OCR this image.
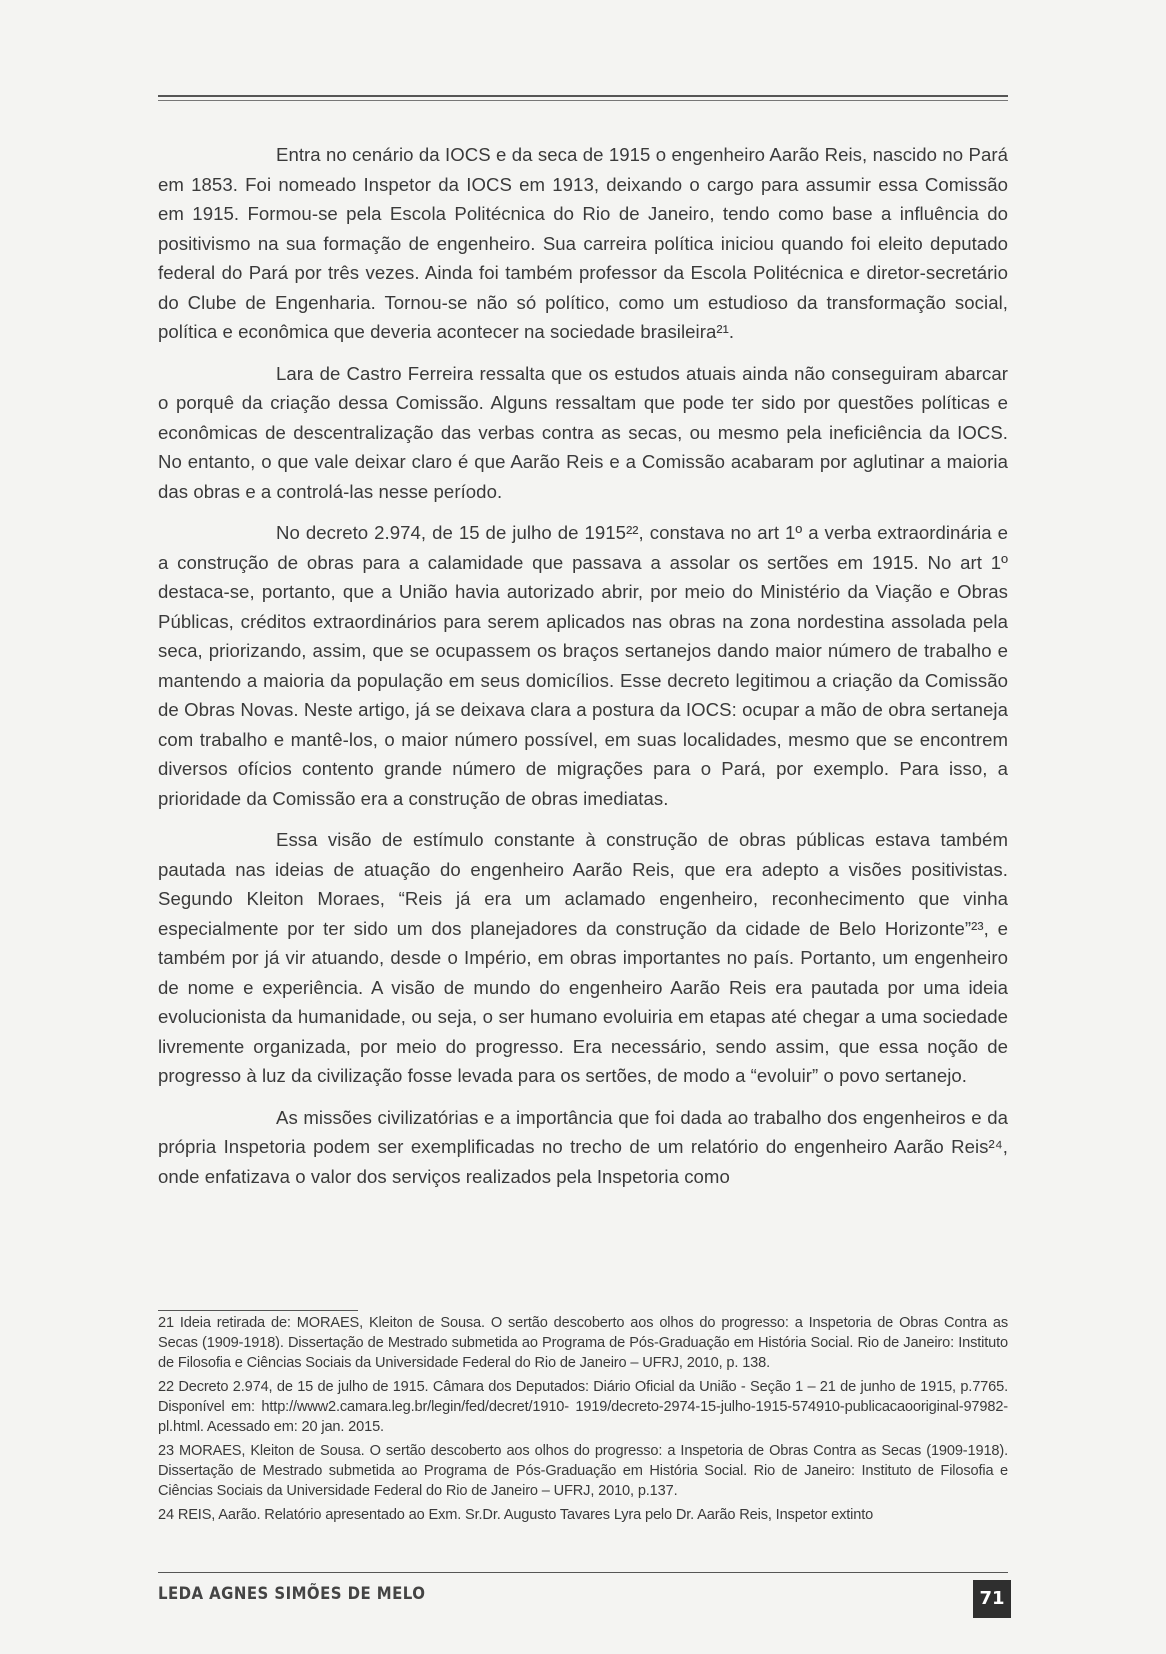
Entra no cenário da IOCS e da seca de 1915 o engenheiro Aarão Reis, nascido no Pará em 1853. Foi nomeado Inspetor da IOCS em 1913, deixando o cargo para assumir essa Comissão em 1915. Formou-se pela Escola Politécnica do Rio de Janeiro, tendo como base a influência do positivismo na sua formação de engenheiro. Sua carreira política iniciou quando foi eleito deputado federal do Pará por três vezes. Ainda foi também professor da Escola Politécnica e diretor-secretário do Clube de Engenharia. Tornou-se não só político, como um estudioso da transformação social, política e econômica que deveria acontecer na sociedade brasileira²¹.

Lara de Castro Ferreira ressalta que os estudos atuais ainda não conseguiram abarcar o porquê da criação dessa Comissão. Alguns ressaltam que pode ter sido por questões políticas e econômicas de descentralização das verbas contra as secas, ou mesmo pela ineficiência da IOCS. No entanto, o que vale deixar claro é que Aarão Reis e a Comissão acabaram por aglutinar a maioria das obras e a controlá-las nesse período.

No decreto 2.974, de 15 de julho de 1915²², constava no art 1º a verba extraordinária e a construção de obras para a calamidade que passava a assolar os sertões em 1915. No art 1º destaca-se, portanto, que a União havia autorizado abrir, por meio do Ministério da Viação e Obras Públicas, créditos extraordinários para serem aplicados nas obras na zona nordestina assolada pela seca, priorizando, assim, que se ocupassem os braços sertanejos dando maior número de trabalho e mantendo a maioria da população em seus domicílios. Esse decreto legitimou a criação da Comissão de Obras Novas. Neste artigo, já se deixava clara a postura da IOCS: ocupar a mão de obra sertaneja com trabalho e mantê-los, o maior número possível, em suas localidades, mesmo que se encontrem diversos ofícios contento grande número de migrações para o Pará, por exemplo. Para isso, a prioridade da Comissão era a construção de obras imediatas.

Essa visão de estímulo constante à construção de obras públicas estava também pautada nas ideias de atuação do engenheiro Aarão Reis, que era adepto a visões positivistas. Segundo Kleiton Moraes, “Reis já era um aclamado engenheiro, reconhecimento que vinha especialmente por ter sido um dos planejadores da construção da cidade de Belo Horizonte”²³, e também por já vir atuando, desde o Império, em obras importantes no país. Portanto, um engenheiro de nome e experiência. A visão de mundo do engenheiro Aarão Reis era pautada por uma ideia evolucionista da humanidade, ou seja, o ser humano evoluiria em etapas até chegar a uma sociedade livremente organizada, por meio do progresso. Era necessário, sendo assim, que essa noção de progresso à luz da civilização fosse levada para os sertões, de modo a “evoluir” o povo sertanejo.

As missões civilizatórias e a importância que foi dada ao trabalho dos engenheiros e da própria Inspetoria podem ser exemplificadas no trecho de um relatório do engenheiro Aarão Reis²⁴, onde enfatizava o valor dos serviços realizados pela Inspetoria como

21 Ideia retirada de: MORAES, Kleiton de Sousa. O sertão descoberto aos olhos do progresso: a Inspetoria de Obras Contra as Secas (1909-1918). Dissertação de Mestrado submetida ao Programa de Pós-Graduação em História Social. Rio de Janeiro: Instituto de Filosofia e Ciências Sociais da Universidade Federal do Rio de Janeiro – UFRJ, 2010, p. 138.

22 Decreto 2.974, de 15 de julho de 1915. Câmara dos Deputados: Diário Oficial da União - Seção 1 – 21 de junho de 1915, p.7765. Disponível em: http://www2.camara.leg.br/legin/fed/decret/1910- 1919/decreto-2974-15-julho-1915-574910-publicacaooriginal-97982-pl.html. Acessado em: 20 jan. 2015.

23 MORAES, Kleiton de Sousa. O sertão descoberto aos olhos do progresso: a Inspetoria de Obras Contra as Secas (1909-1918). Dissertação de Mestrado submetida ao Programa de Pós-Graduação em História Social. Rio de Janeiro: Instituto de Filosofia e Ciências Sociais da Universidade Federal do Rio de Janeiro – UFRJ, 2010, p.137.

24 REIS, Aarão. Relatório apresentado ao Exm. Sr.Dr. Augusto Tavares Lyra pelo Dr. Aarão Reis, Inspetor extinto

LEDA AGNES SIMÕES DE MELO	71
